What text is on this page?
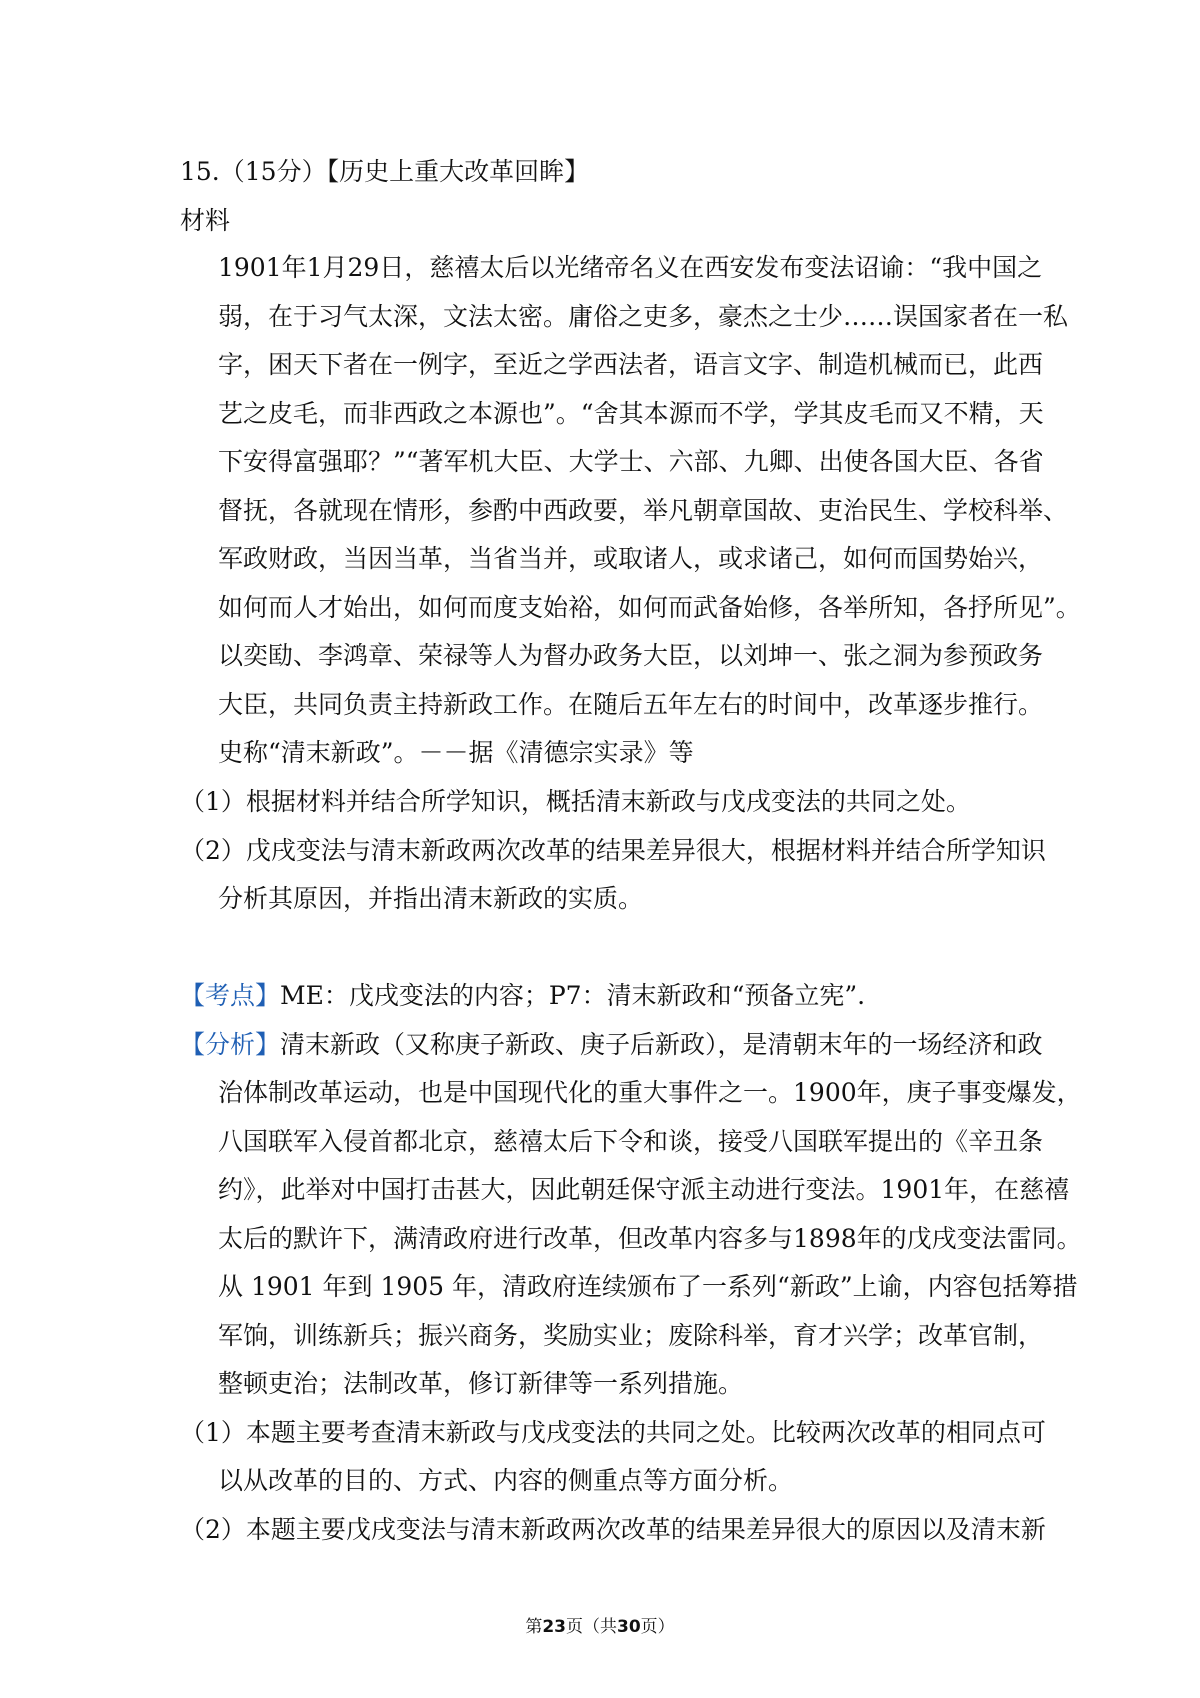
15.（15分）【历史上重大改革回眸】
材料
1901年1月29日，慈禧太后以光绪帝名义在西安发布变法诏谕：“我中国之
弱，在于习气太深，文法太密。庸俗之吏多，豪杰之士少……误国家者在一私
字，困天下者在一例字，至近之学西法者，语言文字、制造机械而已，此西
艺之皮毛，而非西政之本源也”。“舍其本源而不学，学其皮毛而又不精，天
下安得富强耶？”“著军机大臣、大学士、六部、九卿、出使各国大臣、各省
督抚，各就现在情形，参酌中西政要，举凡朝章国故、吏治民生、学校科举、
军政财政，当因当革，当省当并，或取诸人，或求诸己，如何而国势始兴，
如何而人才始出，如何而度支始裕，如何而武备始修，各举所知，各抒所见”。
以奕劻、李鸿章、荣禄等人为督办政务大臣，以刘坤一、张之洞为参预政务
大臣，共同负责主持新政工作。在随后五年左右的时间中，改革逐步推行。
史称“清末新政”。－－据《清德宗实录》等
（1）根据材料并结合所学知识，概括清末新政与戊戌变法的共同之处。
（2）戊戌变法与清末新政两次改革的结果差异很大，根据材料并结合所学知识
分析其原因，并指出清末新政的实质。
【考点】ME：戊戌变法的内容；P7：清末新政和“预备立宪”.
【分析】清末新政（又称庚子新政、庚子后新政），是清朝末年的一场经济和政
治体制改革运动，也是中国现代化的重大事件之一。1900年，庚子事变爆发，
八国联军入侵首都北京，慈禧太后下令和谈，接受八国联军提出的《辛丑条
约》，此举对中国打击甚大，因此朝廷保守派主动进行变法。1901年，在慈禧
太后的默许下，满清政府进行改革，但改革内容多与1898年的戊戌变法雷同。
从 1901 年到 1905 年，清政府连续颁布了一系列“新政”上谕，内容包括筹措
军饷，训练新兵；振兴商务，奖励实业；废除科举，育才兴学；改革官制，
整顿吏治；法制改革，修订新律等一系列措施。
（1）本题主要考查清末新政与戊戌变法的共同之处。比较两次改革的相同点可
以从改革的目的、方式、内容的侧重点等方面分析。
（2）本题主要戊戌变法与清末新政两次改革的结果差异很大的原因以及清末新
第23页（共30页）
